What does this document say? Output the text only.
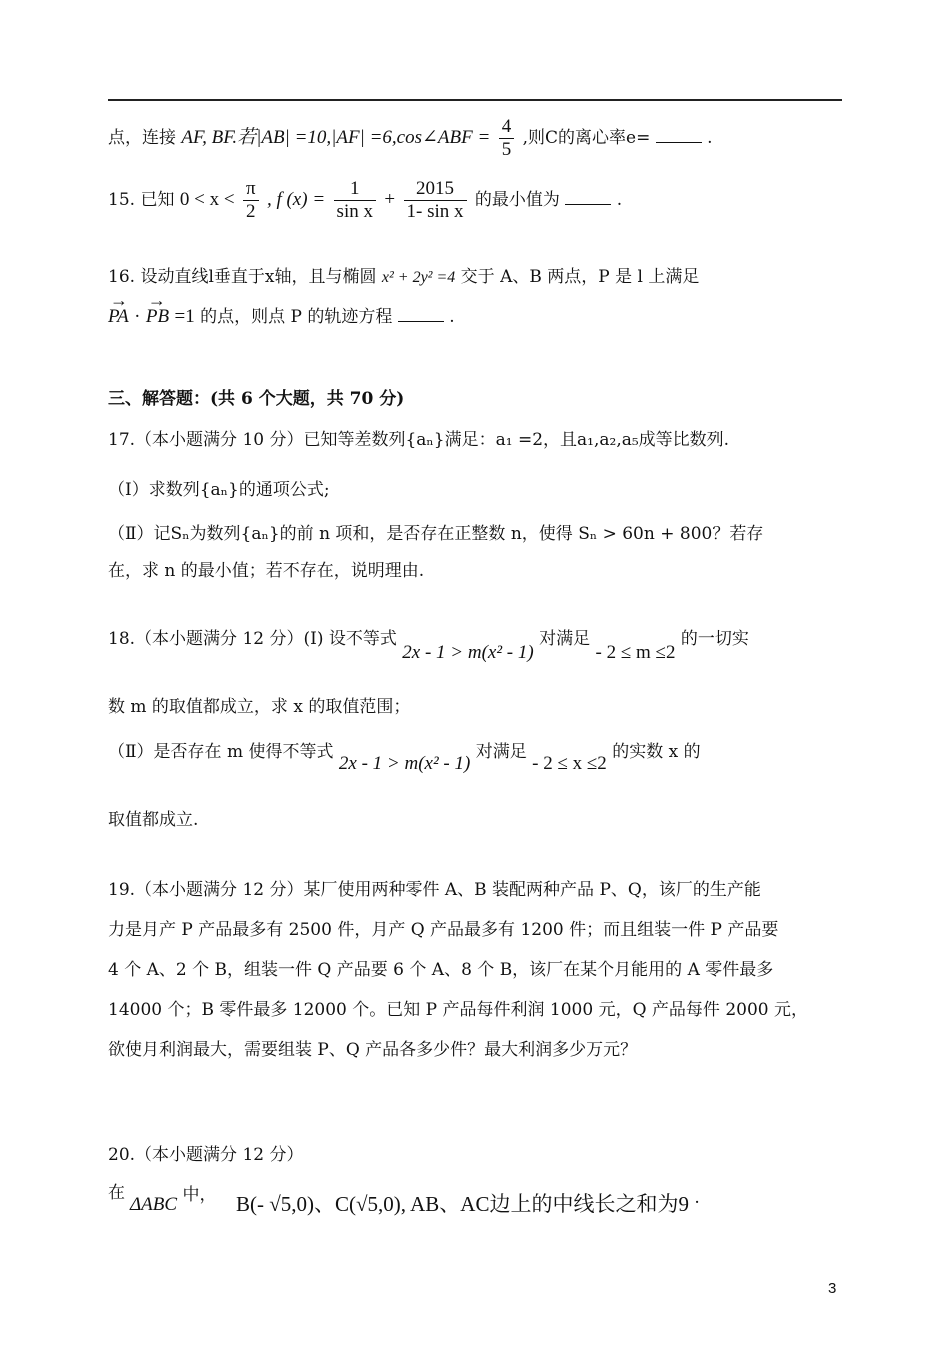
点，连接 AF, BF.若|AB| =10,|AF| =6,cos∠ABF = $\frac{4}{5}$ ,则C的离心率e=	.
15. 已知 $0 < x < \frac{\pi}{2}$ , f $(x) = \frac{1}{\text{sin x}} + \frac{2015}{\text{1- sin x}}$ 的最小值为	.
16. 设动直线l垂直于x轴，且与椭圆 x² + 2y² =4 交于 A、B 两点，P 是 l 上满足
→ PA · → PB =1 的点，则点 P 的轨迹方程	.
三、解答题：(共 6 个大题，共 70 分)
17.（本小题满分 10 分）已知等差数列{aₙ}满足：a₁ =2，且a₁,a₂,a₅成等比数列.
（Ⅰ）求数列{aₙ}的通项公式;
（Ⅱ）记Sₙ为数列{aₙ}的前 n 项和，是否存在正整数 n，使得 Sₙ > 60n + 800？若存
在，求 n 的最小值；若不存在，说明理由.
18.（本小题满分 12 分）(Ⅰ) 设不等式 2x - 1 > m(x² - 1) 对满足 - 2 ≤ m ≤2 的一切实
数 m 的取值都成立，求 x 的取值范围；
（Ⅱ）是否存在 m 使得不等式 2x - 1 > m(x² - 1) 对满足 - 2 ≤ x ≤2 的实数 x 的
取值都成立.
19.（本小题满分 12 分）某厂使用两种零件 A、B 装配两种产品 P、Q，该厂的生产能
力是月产 P 产品最多有 2500 件，月产 Q 产品最多有 1200 件；而且组装一件 P 产品要
4 个 A、2 个 B，组装一件 Q 产品要 6 个 A、8 个 B，该厂在某个月能用的 A 零件最多
14000 个；B 零件最多 12000 个。已知 P 产品每件利润 1000 元，Q 产品每件 2000 元，
欲使月利润最大，需要组装 P、Q 产品各多少件？最大利润多少万元？
20.（本小题满分 12 分）
在
ΔABC 中， B(- √5,0)、C(√5,0), AB、AC边上的中线长之和为9 .
3
